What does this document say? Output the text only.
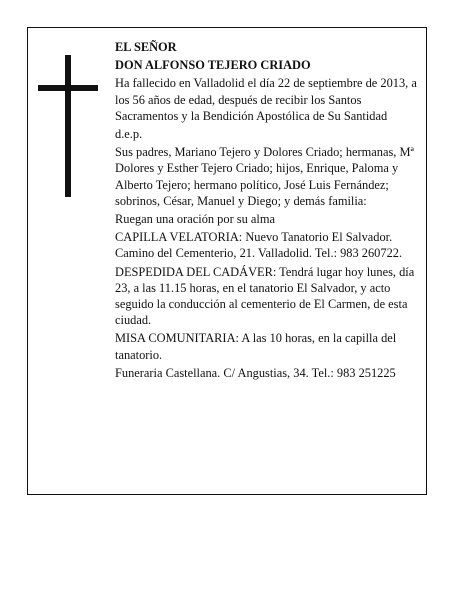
EL SEÑOR

DON ALFONSO TEJERO CRIADO

Ha fallecido en Valladolid el día 22 de septiembre de 2013, a los 56 años de edad, después de recibir los Santos Sacramentos y la Bendición Apostólica de Su Santidad

d.e.p.

Sus padres, Mariano Tejero y Dolores Criado; hermanas, Mª Dolores y Esther Tejero Criado; hijos, Enrique, Paloma y Alberto Tejero; hermano político, José Luis Fernández; sobrinos, César, Manuel y Diego; y demás familia:

Ruegan una oración por su alma

CAPILLA VELATORIA: Nuevo Tanatorio El Salvador. Camino del Cementerio, 21. Valladolid. Tel.: 983 260722.

DESPEDIDA DEL CADÁVER: Tendrá lugar hoy lunes, día 23, a las 11.15 horas, en el tanatorio El Salvador, y acto seguido la conducción al cementerio de El Carmen, de esta ciudad.

MISA COMUNITARIA: A las 10 horas, en la capilla del tanatorio.

Funeraria Castellana. C/ Angustias, 34. Tel.: 983 251225
